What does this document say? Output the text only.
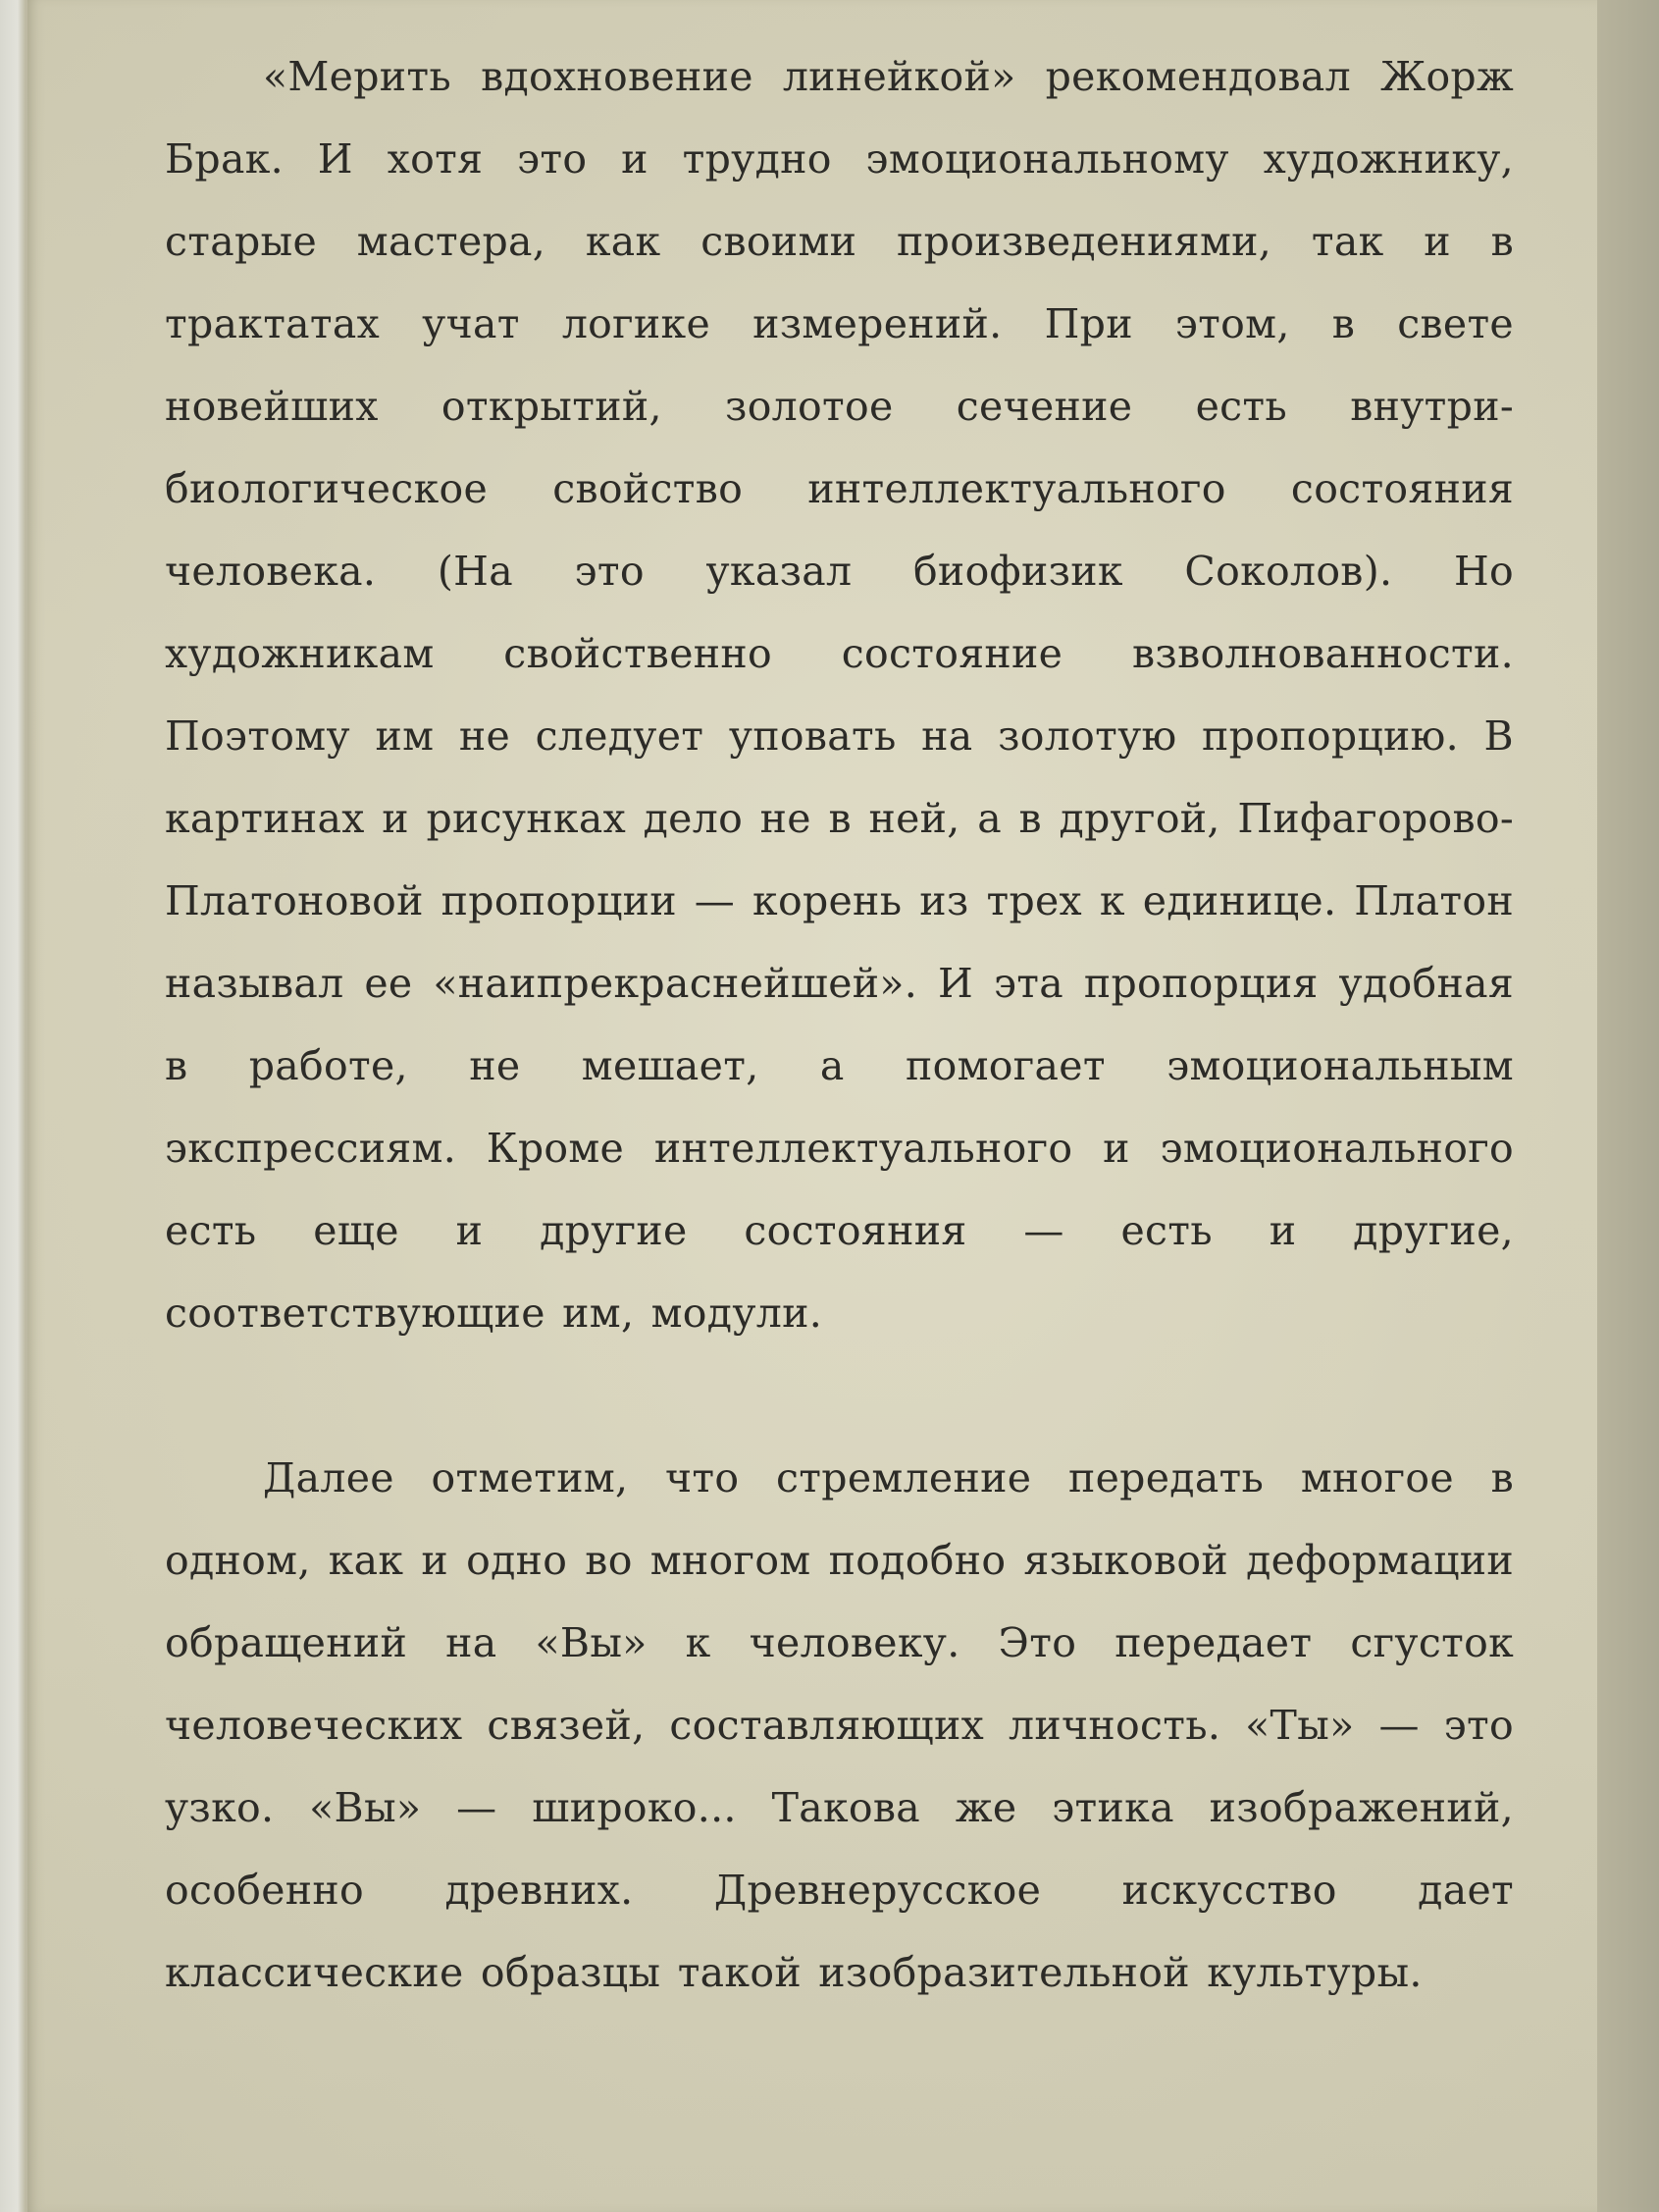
«Мерить вдохновение линейкой» рекомендовал Жорж Брак. И хотя это и трудно эмоциональному художнику, старые мастера, как своими произведениями, так и в трактатах учат логике измерений. При этом, в свете новейших открытий, золотое сечение есть внутри-биологическое свойство интеллектуального состояния человека. (На это указал биофизик Соколов). Но художникам свойственно состояние взволнованности. Поэтому им не следует уповать на золотую пропорцию. В картинах и рисунках дело не в ней, а в другой, Пифагорово-Платоновой пропорции — корень из трех к единице. Платон называл ее «наипрекраснейшей». И эта пропорция удобная в работе, не мешает, а помогает эмоциональным экспрессиям. Кроме интеллектуального и эмоционального есть еще и другие состояния — есть и другие, соответствующие им, модули.

Далее отметим, что стремление передать многое в одном, как и одно во многом подобно языковой деформации обращений на «Вы» к человеку. Это передает сгусток человеческих связей, составляющих личность. «Ты» — это узко. «Вы» — широко... Такова же этика изображений, особенно древних. Древнерусское искусство дает классические образцы такой изобразительной культуры.
